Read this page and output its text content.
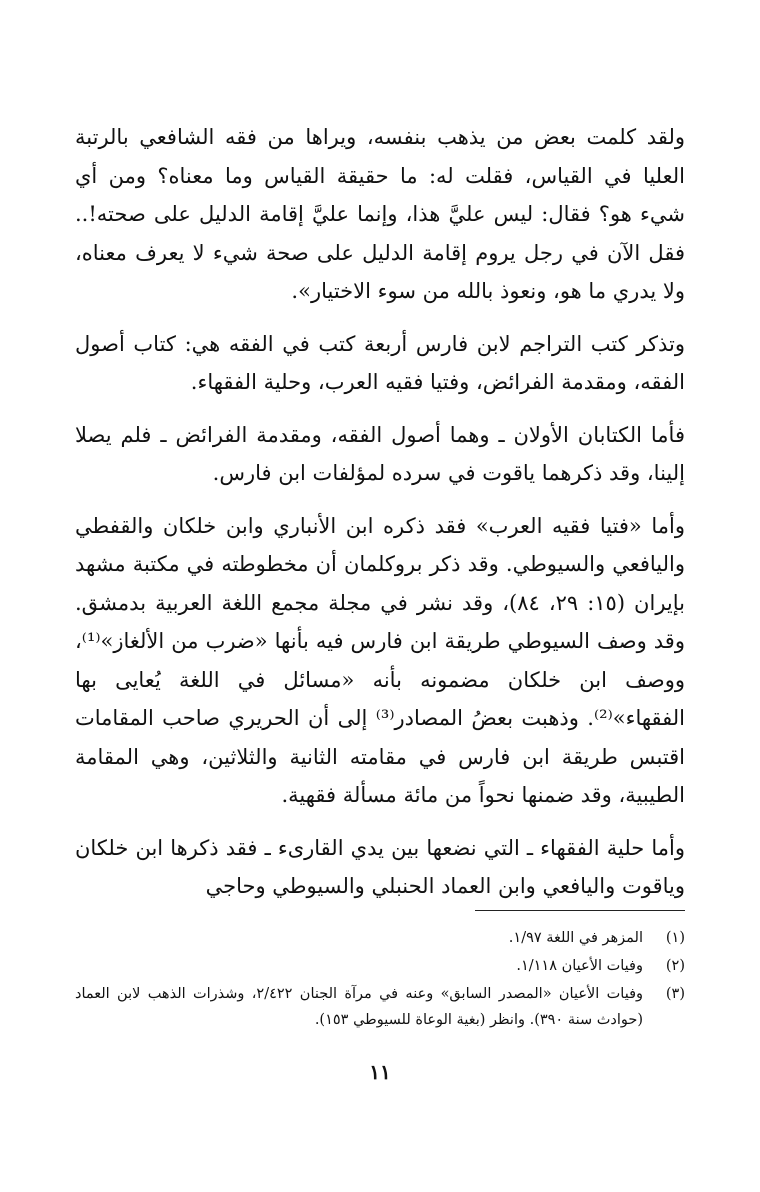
ولقد كلمت بعض من يذهب بنفسه، ويراها من فقه الشافعي بالرتبة العليا في القياس، فقلت له: ما حقيقة القياس وما معناه؟ ومن أي شيء هو؟ فقال: ليس عليَّ هذا، وإنما عليَّ إقامة الدليل على صحته!.. فقل الآن في رجل يروم إقامة الدليل على صحة شيء لا يعرف معناه، ولا يدري ما هو، ونعوذ بالله من سوء الاختيار».

وتذكر كتب التراجم لابن فارس أربعة كتب في الفقه هي: كتاب أصول الفقه، ومقدمة الفرائض، وفتيا فقيه العرب، وحلية الفقهاء.

فأما الكتابان الأولان ـ وهما أصول الفقه، ومقدمة الفرائض ـ فلم يصلا إلينا، وقد ذكرهما ياقوت في سرده لمؤلفات ابن فارس.

وأما «فتيا فقيه العرب» فقد ذكره ابن الأنباري وابن خلكان والقفطي واليافعي والسيوطي. وقد ذكر بروكلمان أن مخطوطته في مكتبة مشهد بإيران (١٥: ٢٩، ٨٤)، وقد نشر في مجلة مجمع اللغة العربية بدمشق. وقد وصف السيوطي طريقة ابن فارس فيه بأنها «ضرب من الألغاز»⁽¹⁾، ووصف ابن خلكان مضمونه بأنه «مسائل في اللغة يُعايى بها الفقهاء»⁽²⁾. وذهبت بعضُ المصادر⁽³⁾ إلى أن الحريري صاحب المقامات اقتبس طريقة ابن فارس في مقامته الثانية والثلاثين، وهي المقامة الطيبية، وقد ضمنها نحواً من مائة مسألة فقهية.

وأما حلية الفقهاء ـ التي نضعها بين يدي القارىء ـ فقد ذكرها ابن خلكان وياقوت واليافعي وابن العماد الحنبلي والسيوطي وحاجي

(١)
المزهر في اللغة ١/٩٧.
(٢)
وفيات الأعيان ١/١١٨.
(٣)
وفيات الأعيان «المصدر السابق» وعنه في مرآة الجنان ٢/٤٢٢، وشذرات الذهب لابن العماد (حوادث سنة ٣٩٠). وانظر (بغية الوعاة للسيوطي ١٥٣).
١١
